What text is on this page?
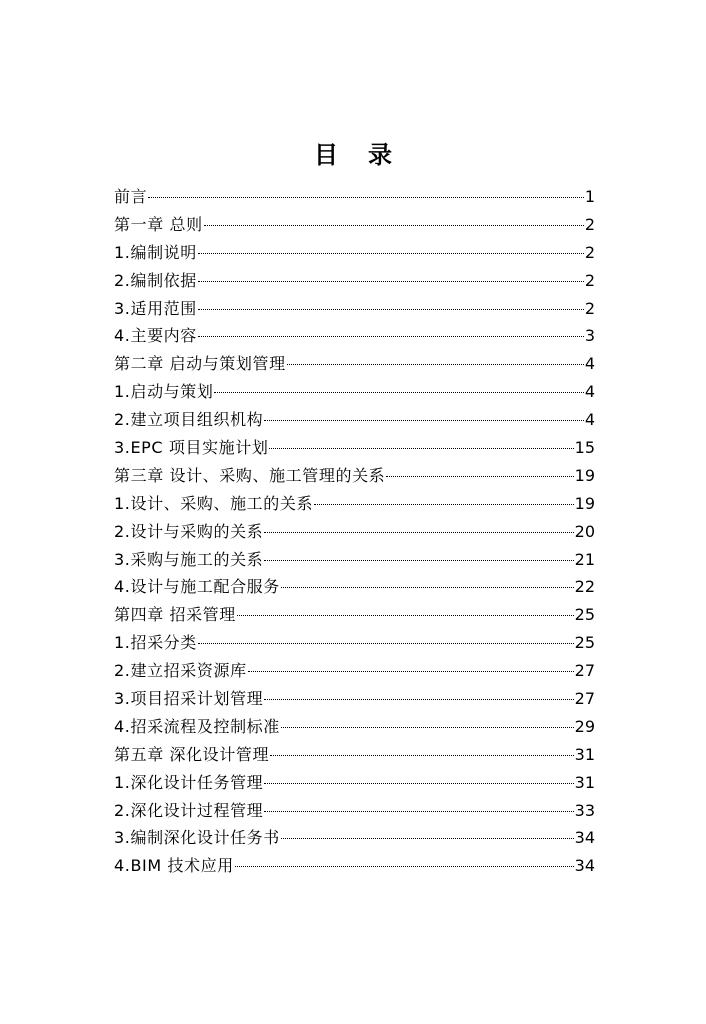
目 录
前言	1
第一章 总则	2
1.编制说明	2
2.编制依据	2
3.适用范围	2
4.主要内容	3
第二章 启动与策划管理	4
1.启动与策划	4
2.建立项目组织机构	4
3.EPC 项目实施计划	15
第三章 设计、采购、施工管理的关系	19
1.设计、采购、施工的关系	19
2.设计与采购的关系	20
3.采购与施工的关系	21
4.设计与施工配合服务	22
第四章 招采管理	25
1.招采分类	25
2.建立招采资源库	27
3.项目招采计划管理	27
4.招采流程及控制标准	29
第五章 深化设计管理	31
1.深化设计任务管理	31
2.深化设计过程管理	33
3.编制深化设计任务书	34
4.BIM 技术应用	34
